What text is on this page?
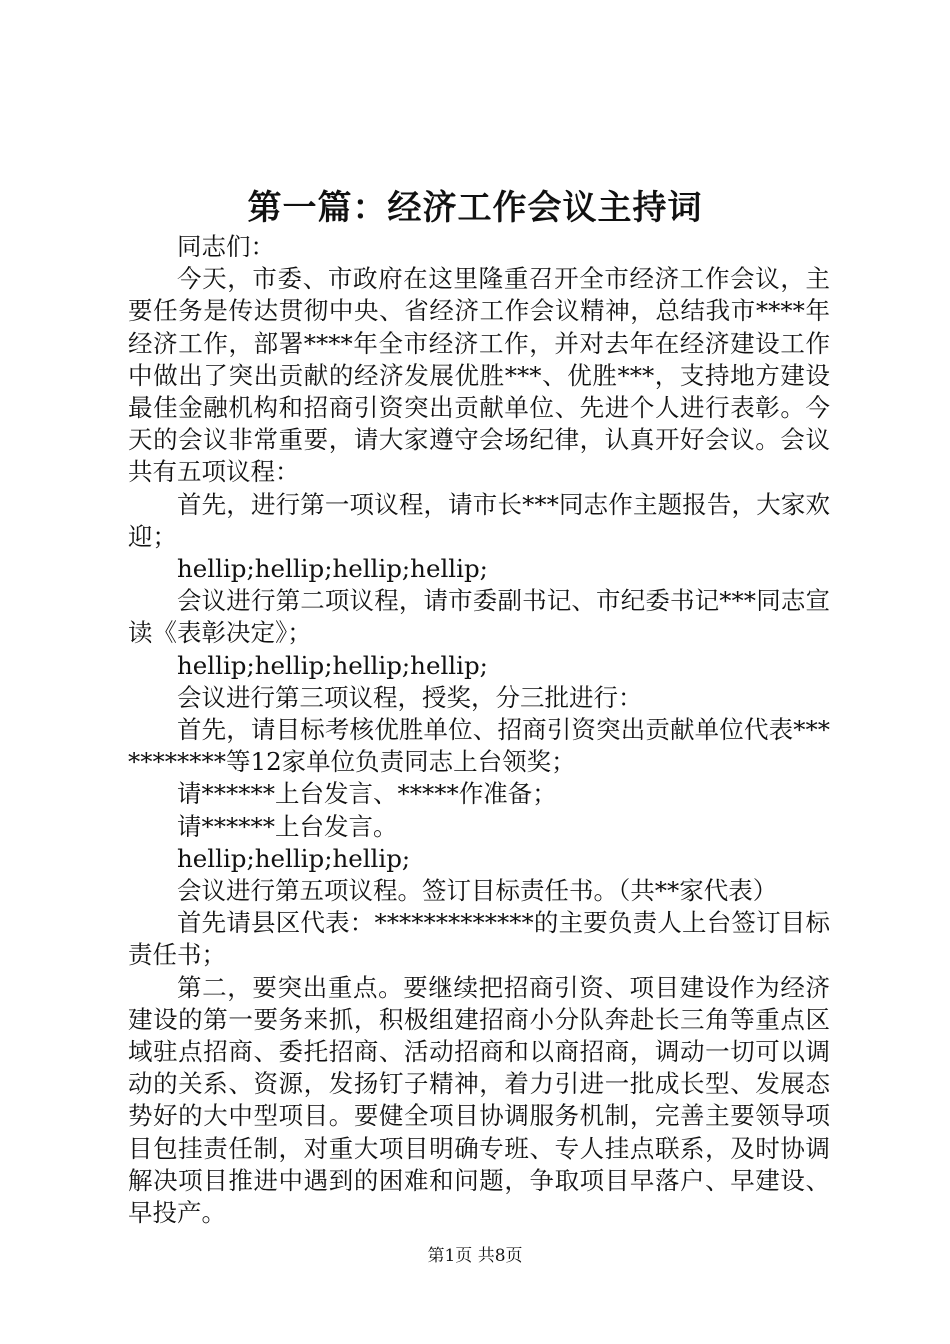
第一篇：经济工作会议主持词

同志们：

今天，市委、市政府在这里隆重召开全市经济工作会议，主要任务是传达贯彻中央、省经济工作会议精神，总结我市****年经济工作，部署****年全市经济工作，并对去年在经济建设工作中做出了突出贡献的经济发展优胜***、优胜***，支持地方建设最佳金融机构和招商引资突出贡献单位、先进个人进行表彰。今天的会议非常重要，请大家遵守会场纪律，认真开好会议。会议共有五项议程：

首先，进行第一项议程，请市长***同志作主题报告，大家欢迎；

hellip;hellip;hellip;hellip;

会议进行第二项议程，请市委副书记、市纪委书记***同志宣读《表彰决定》；

hellip;hellip;hellip;hellip;

会议进行第三项议程，授奖，分三批进行：

首先，请目标考核优胜单位、招商引资突出贡献单位代表***********等12家单位负责同志上台领奖；

请******上台发言、*****作准备；

请******上台发言。

hellip;hellip;hellip;

会议进行第五项议程。签订目标责任书。（共**家代表）

首先请县区代表：*************的主要负责人上台签订目标责任书；

第二，要突出重点。要继续把招商引资、项目建设作为经济建设的第一要务来抓，积极组建招商小分队奔赴长三角等重点区域驻点招商、委托招商、活动招商和以商招商，调动一切可以调动的关系、资源，发扬钉子精神，着力引进一批成长型、发展态势好的大中型项目。要健全项目协调服务机制，完善主要领导项目包挂责任制，对重大项目明确专班、专人挂点联系，及时协调解决项目推进中遇到的困难和问题，争取项目早落户、早建设、早投产。

第1页 共8页
